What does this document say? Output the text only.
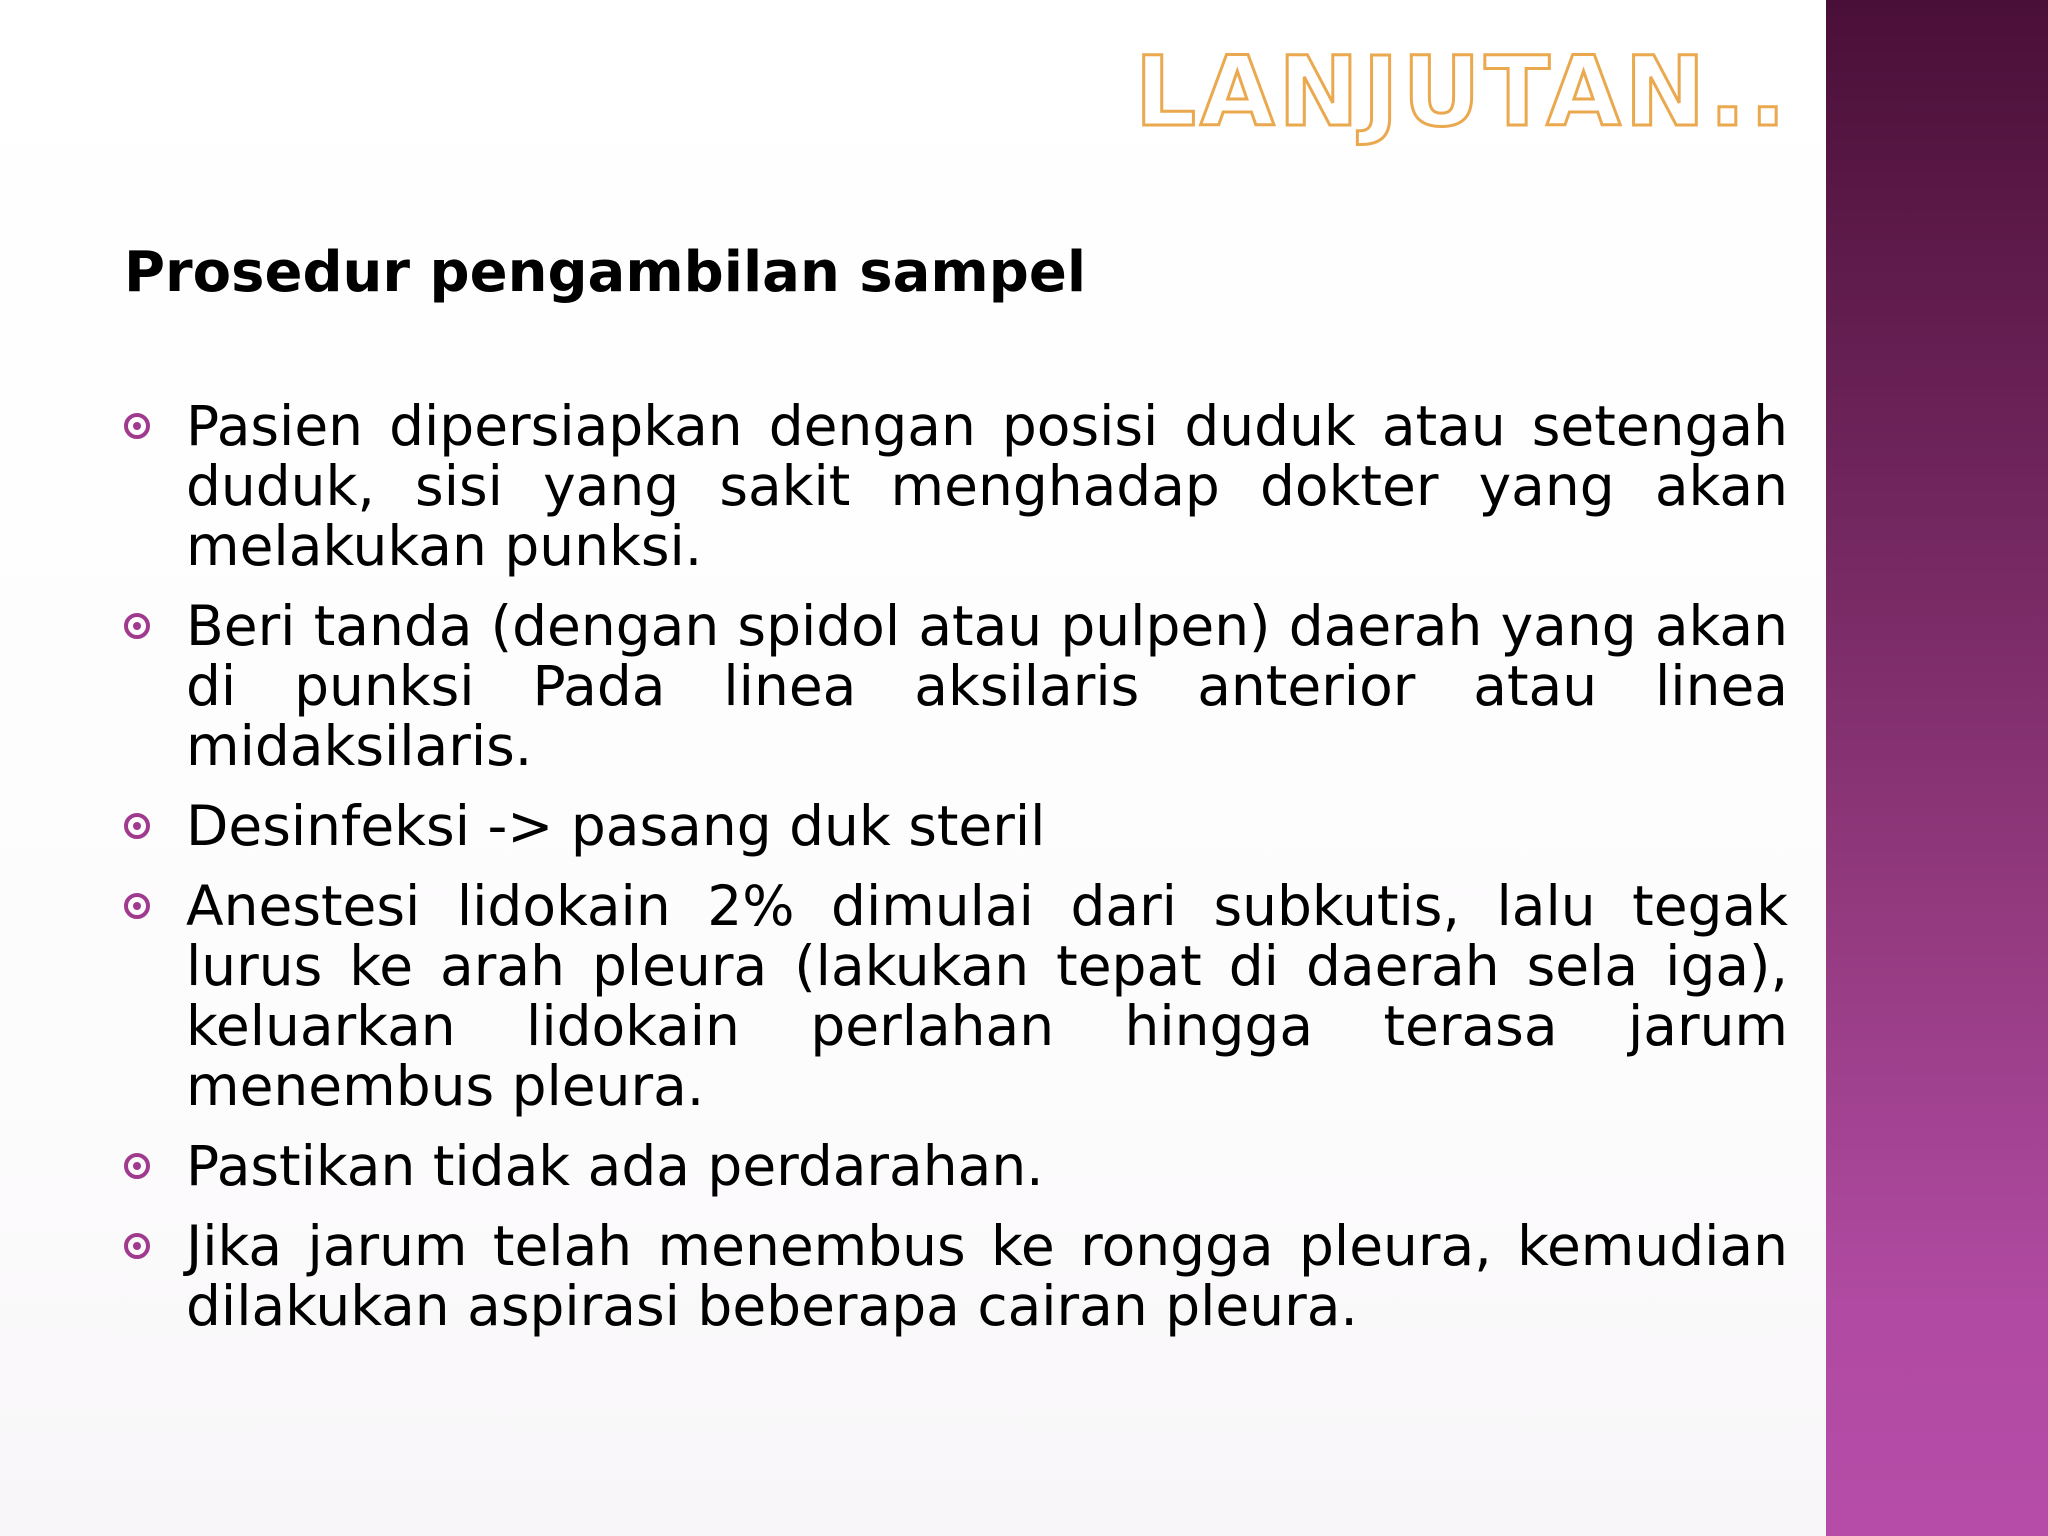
LANJUTAN..
Prosedur pengambilan sampel
Pasien dipersiapkan dengan posisi duduk atau setengah duduk, sisi yang sakit menghadap dokter yang akan melakukan punksi.
Beri tanda (dengan spidol atau pulpen) daerah yang akan di punksi Pada linea aksilaris anterior atau linea midaksilaris.
Desinfeksi -> pasang duk steril
Anestesi lidokain 2% dimulai dari subkutis, lalu tegak lurus ke arah pleura (lakukan tepat di daerah sela iga), keluarkan lidokain perlahan hingga terasa jarum menembus pleura.
Pastikan tidak ada perdarahan.
Jika jarum telah menembus ke rongga pleura, kemudian dilakukan aspirasi beberapa cairan pleura.
